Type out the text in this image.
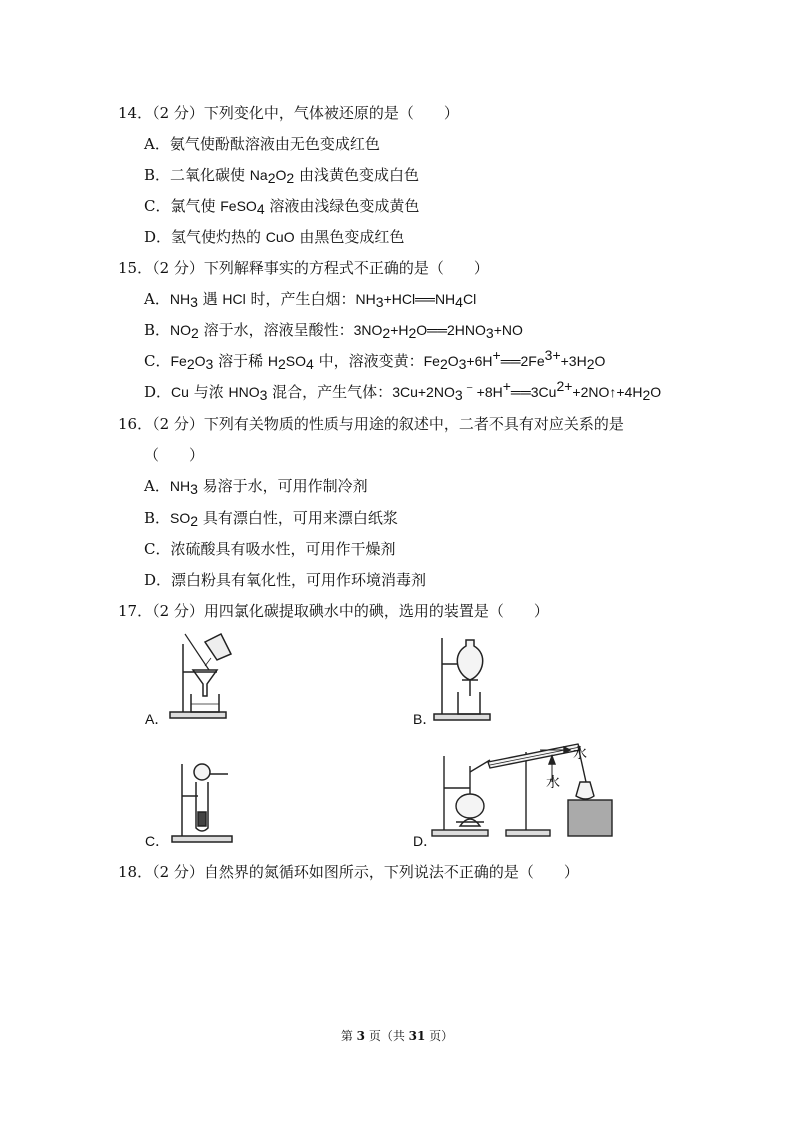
14．（2 分）下列变化中，气体被还原的是（　　）
A．氨气使酚酞溶液由无色变成红色
B．二氧化碳使 $Na_2O_2$ 由浅黄色变成白色
C．氯气使 FeSO$_4$ 溶液由浅绿色变成黄色
D．氢气使灼热的 CuO 由黑色变成红色
15．（2 分）下列解释事实的方程式不正确的是（　　）
A．$NH_3$ 遇 HCl 时，产生白烟：$NH_3+HCl══NH_4Cl$
B．$NO_2$ 溶于水，溶液呈酸性：$3NO_2+H_2O══2HNO_3+NO$
C．$Fe_2O_3$ 溶于稀 $H_2SO_4$ 中，溶液变黄：$Fe_2O_3+6H^+══2Fe^{3+}+3H_2O$
D．Cu 与浓 $HNO_3$ 混合，产生气体：$3Cu+2NO_3^﹣+8H^+══3Cu^{2+}+2NO↑+4H_2O$
16．（2 分）下列有关物质的性质与用途的叙述中，二者不具有对应关系的是
（　　）
A．$NH_3$ 易溶于水，可用作制冷剂
B．$SO_2$ 具有漂白性，可用来漂白纸浆
C．浓硫酸具有吸水性，可用作干燥剂
D．漂白粉具有氧化性，可用作环境消毒剂
17．（2 分）用四氯化碳提取碘水中的碘，选用的装置是（　　）
A．	B．
C．
水
水
D．
18．（2 分）自然界的氮循环如图所示，下列说法不正确的是（　　）
第 3 页（共 31 页）
